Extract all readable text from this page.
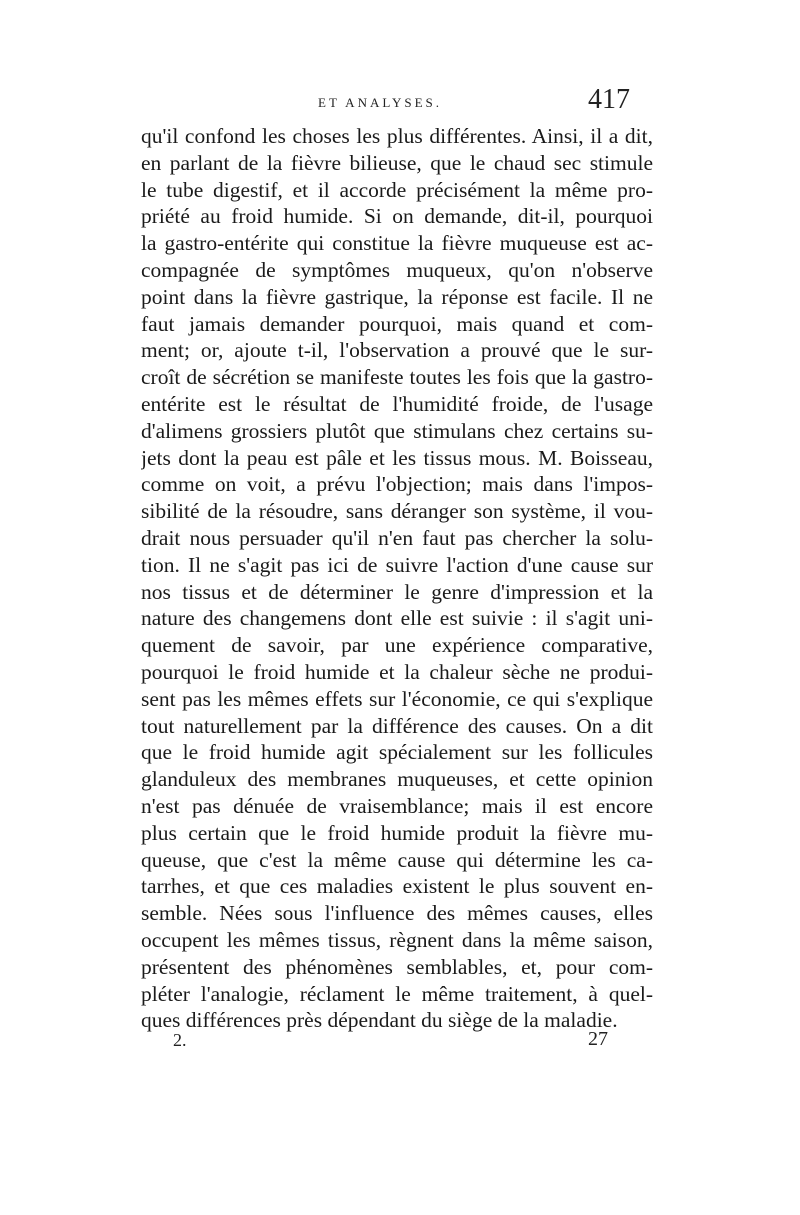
ET ANALYSES.	417
qu'il confond les choses les plus différentes. Ainsi, il a dit,
en parlant de la fièvre bilieuse, que le chaud sec stimule
le tube digestif, et il accorde précisément la même pro-
priété au froid humide. Si on demande, dit-il, pourquoi
la gastro-entérite qui constitue la fièvre muqueuse est ac-
compagnée de symptômes muqueux, qu'on n'observe
point dans la fièvre gastrique, la réponse est facile. Il ne
faut jamais demander pourquoi, mais quand et com-
ment; or, ajoute t-il, l'observation a prouvé que le sur-
croît de sécrétion se manifeste toutes les fois que la gastro-
entérite est le résultat de l'humidité froide, de l'usage
d'alimens grossiers plutôt que stimulans chez certains su-
jets dont la peau est pâle et les tissus mous. M. Boisseau,
comme on voit, a prévu l'objection; mais dans l'impos-
sibilité de la résoudre, sans déranger son système, il vou-
drait nous persuader qu'il n'en faut pas chercher la solu-
tion. Il ne s'agit pas ici de suivre l'action d'une cause sur
nos tissus et de déterminer le genre d'impression et la
nature des changemens dont elle est suivie : il s'agit uni-
quement de savoir, par une expérience comparative,
pourquoi le froid humide et la chaleur sèche ne produi-
sent pas les mêmes effets sur l'économie, ce qui s'explique
tout naturellement par la différence des causes. On a dit
que le froid humide agit spécialement sur les follicules
glanduleux des membranes muqueuses, et cette opinion
n'est pas dénuée de vraisemblance; mais il est encore
plus certain que le froid humide produit la fièvre mu-
queuse, que c'est la même cause qui détermine les ca-
tarrhes, et que ces maladies existent le plus souvent en-
semble. Nées sous l'influence des mêmes causes, elles
occupent les mêmes tissus, règnent dans la même saison,
présentent des phénomènes semblables, et, pour com-
pléter l'analogie, réclament le même traitement, à quel-
ques différences près dépendant du siège de la maladie.
2.	27
